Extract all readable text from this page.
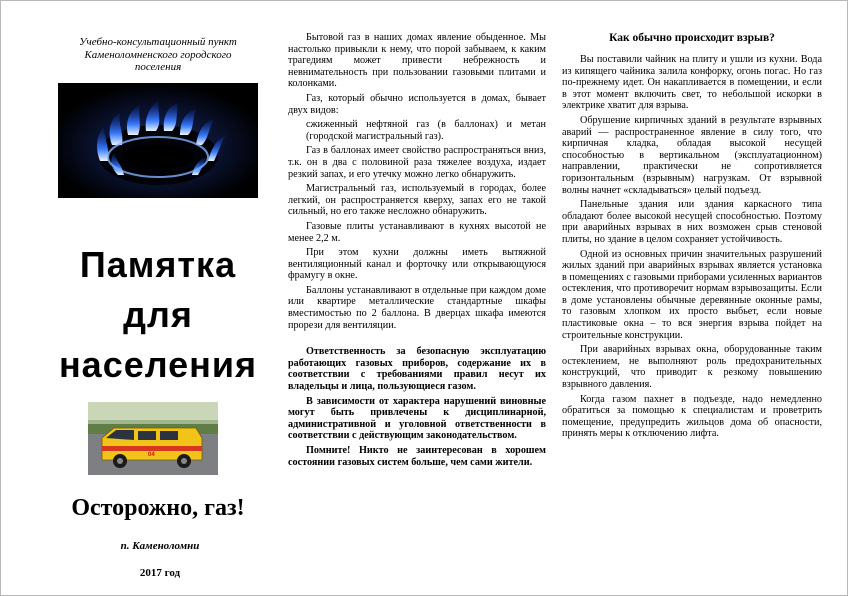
Учебно-консультационный пункт
Каменоломненского городского
поселения
Памятка
для
населения
04
Осторожно, газ!
п. Каменоломни
2017 год

Бытовой газ в наших домах явление обыденное. Мы настолько привыкли к нему, что порой забываем, к каким трагедиям может привести небрежность и невнимательность при пользовании газовыми плитами и колонками.

Газ, который обычно используется в домах, бывает двух видов:

сжиженный нефтяной газ (в баллонах) и метан (городской магистральный газ).

Газ в баллонах имеет свойство распространяться вниз, т.к. он в два с половиной раза тяжелее воздуха, издает резкий запах, и его утечку можно легко обнаружить.

Магистральный газ, используемый в городах, более легкий, он распространяется кверху, запах его не такой сильный, но его также несложно обнаружить.

Газовые плиты устанавливают в кухнях высотой не менее 2,2 м.

При этом кухни должны иметь вытяжной вентиляционный канал и форточку или открывающуюся фрамугу в окне.

Баллоны устанавливают в отдельные при каждом доме или квартире металлические стандартные шкафы вместимостью по 2 баллона. В дверцах шкафа имеются прорези для вентиляции.

Ответственность за безопасную эксплуатацию работающих газовых приборов, содержание их в соответствии с требованиями правил несут их владельцы и лица, пользующиеся газом.

В зависимости от характера нарушений виновные могут быть привлечены к дисциплинарной, административной и уголовной ответственности в соответствии с действующим законодательством.

Помните! Никто не заинтересован в хорошем состоянии газовых систем больше, чем сами жители.

Как обычно происходит взрыв?

Вы поставили чайник на плиту и ушли из кухни. Вода из кипящего чайника залила конфорку, огонь погас. Но газ по-прежнему идет. Он накапливается в помещении, и если в этот момент включить свет, то небольшой искорки в электрике хватит для взрыва.

Обрушение кирпичных зданий в результате взрывных аварий — распространенное явление в силу того, что кирпичная кладка, обладая высокой несущей способностью в вертикальном (эксплуатационном) направлении, практически не сопротивляется горизонтальным (взрывным) нагрузкам. От взрывной волны начнет «складываться» целый подъезд.

Панельные здания или здания каркасного типа обладают более высокой несущей способностью. Поэтому при аварийных взрывах в них возможен срыв стеновой плиты, но здание в целом сохраняет устойчивость.

Одной из основных причин значительных разрушений жилых зданий при аварийных взрывах является установка в помещениях с газовыми приборами усиленных вариантов остекления, что противоречит нормам взрывозащиты. Если в доме установлены обычные деревянные оконные рамы, то газовым хлопком их просто выбьет, если новые пластиковые окна – то вся энергия взрыва пойдет на строительные конструкции.

При аварийных взрывах окна, оборудованные таким остеклением, не выполняют роль предохранительных конструкций, что приводит к резкому повышению взрывного давления.

Когда газом пахнет в подъезде, надо немедленно обратиться за помощью к специалистам и проветрить помещение, предупредить жильцов дома об опасности, принять меры к отключению лифта.
